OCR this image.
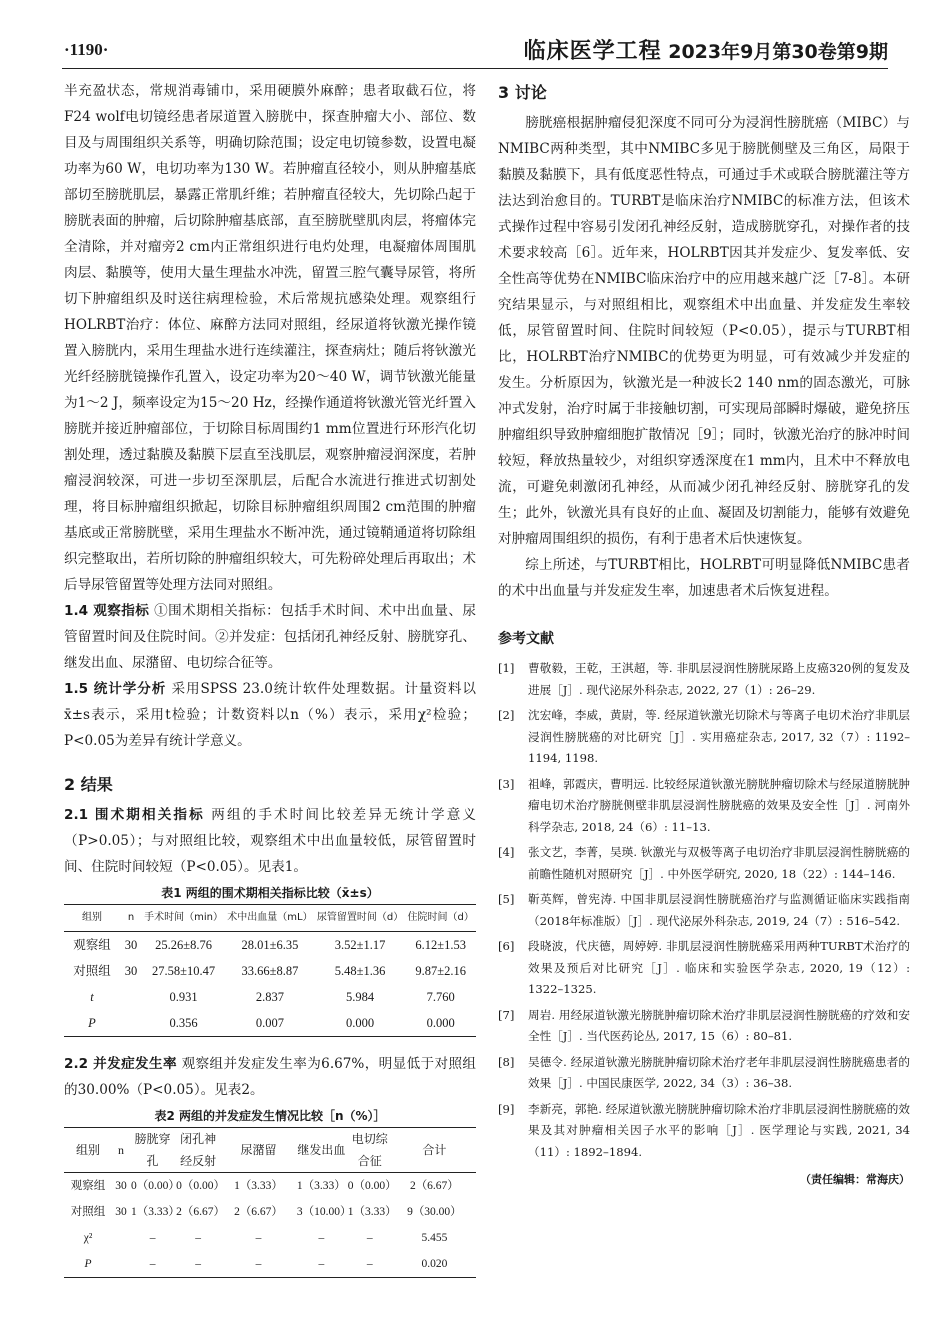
·1190·	临床医学工程 2023年9月第30卷第9期

半充盈状态，常规消毒铺巾，采用硬膜外麻醉；患者取截石位，将F24 wolf电切镜经患者尿道置入膀胱中，探查肿瘤大小、部位、数目及与周围组织关系等，明确切除范围；设定电切镜参数，设置电凝功率为60 W，电切功率为130 W。若肿瘤直径较小，则从肿瘤基底部切至膀胱肌层，暴露正常肌纤维；若肿瘤直径较大，先切除凸起于膀胱表面的肿瘤，后切除肿瘤基底部，直至膀胱壁肌肉层，将瘤体完全清除，并对瘤旁2 cm内正常组织进行电灼处理，电凝瘤体周围肌肉层、黏膜等，使用大量生理盐水冲洗，留置三腔气囊导尿管，将所切下肿瘤组织及时送往病理检验，术后常规抗感染处理。观察组行HOLRBT治疗：体位、麻醉方法同对照组，经尿道将钬激光操作镜置入膀胱内，采用生理盐水进行连续灌注，探查病灶；随后将钬激光光纤经膀胱镜操作孔置入，设定功率为20～40 W，调节钬激光能量为1～2 J，频率设定为15～20 Hz，经操作通道将钬激光管光纤置入膀胱并接近肿瘤部位，于切除目标周围约1 mm位置进行环形汽化切割处理，透过黏膜及黏膜下层直至浅肌层，观察肿瘤浸润深度，若肿瘤浸润较深，可进一步切至深肌层，后配合水流进行推进式切割处理，将目标肿瘤组织掀起，切除目标肿瘤组织周围2 cm范围的肿瘤基底或正常膀胱壁，采用生理盐水不断冲洗，通过镜鞘通道将切除组织完整取出，若所切除的肿瘤组织较大，可先粉碎处理后再取出；术后导尿管留置等处理方法同对照组。

1.4 观察指标 ①围术期相关指标：包括手术时间、术中出血量、尿管留置时间及住院时间。②并发症：包括闭孔神经反射、膀胱穿孔、继发出血、尿潴留、电切综合征等。

1.5 统计学分析 采用SPSS 23.0统计软件处理数据。计量资料以x̄±s表示，采用t检验；计数资料以n（%）表示，采用χ²检验；P<0.05为差异有统计学意义。

2 结果

2.1 围术期相关指标 两组的手术时间比较差异无统计学意义（P>0.05）；与对照组比较，观察组术中出血量较低，尿管留置时间、住院时间较短（P<0.05）。见表1。

表1 两组的围术期相关指标比较（x̄±s）
组别	n	手术时间（min）	术中出血量（mL）	尿管留置时间（d）	住院时间（d）
观察组	30	25.26±8.76	28.01±6.35	3.52±1.17	6.12±1.53
对照组	30	27.58±10.47	33.66±8.87	5.48±1.36	9.87±2.16
t		0.931	2.837	5.984	7.760
P		0.356	0.007	0.000	0.000

2.2 并发症发生率 观察组并发症发生率为6.67%，明显低于对照组的30.00%（P<0.05）。见表2。

表2 两组的并发症发生情况比较［n（%）］
组别	n	膀胱穿孔	闭孔神经反射	尿潴留	继发出血	电切综合征	合计
观察组	30	0（0.00）	0（0.00）	1（3.33）	1（3.33）	0（0.00）	2（6.67）
对照组	30	1（3.33）	2（6.67）	2（6.67）	3（10.00）	1（3.33）	9（30.00）
χ²		–	–	–	–	–	5.455
P		–	–	–	–	–	0.020
3 讨论

膀胱癌根据肿瘤侵犯深度不同可分为浸润性膀胱癌（MIBC）与NMIBC两种类型，其中NMIBC多见于膀胱侧壁及三角区，局限于黏膜及黏膜下，具有低度恶性特点，可通过手术或联合膀胱灌注等方法达到治愈目的。TURBT是临床治疗NMIBC的标准方法，但该术式操作过程中容易引发闭孔神经反射，造成膀胱穿孔，对操作者的技术要求较高［6］。近年来，HOLRBT因其并发症少、复发率低、安全性高等优势在NMIBC临床治疗中的应用越来越广泛［7-8］。本研究结果显示，与对照组相比，观察组术中出血量、并发症发生率较低，尿管留置时间、住院时间较短（P<0.05），提示与TURBT相比，HOLRBT治疗NMIBC的优势更为明显，可有效减少并发症的发生。分析原因为，钬激光是一种波长2 140 nm的固态激光，可脉冲式发射，治疗时属于非接触切割，可实现局部瞬时爆破，避免挤压肿瘤组织导致肿瘤细胞扩散情况［9］；同时，钬激光治疗的脉冲时间较短，释放热量较少，对组织穿透深度在1 mm内，且术中不释放电流，可避免刺激闭孔神经，从而减少闭孔神经反射、膀胱穿孔的发生；此外，钬激光具有良好的止血、凝固及切割能力，能够有效避免对肿瘤周围组织的损伤，有利于患者术后快速恢复。

综上所述，与TURBT相比，HOLRBT可明显降低NMIBC患者的术中出血量与并发症发生率，加速患者术后恢复进程。

参考文献
[1]	曹敬毅，王乾，王淇超，等. 非肌层浸润性膀胱尿路上皮癌320例的复发及进展［J］. 现代泌尿外科杂志, 2022, 27（1）: 26–29.
[2]	沈宏峰，李威，黄尉，等. 经尿道钬激光切除术与等离子电切术治疗非肌层浸润性膀胱癌的对比研究［J］. 实用癌症杂志, 2017, 32（7）: 1192–1194, 1198.
[3]	祖峰，郭霞庆，曹明远. 比较经尿道钬激光膀胱肿瘤切除术与经尿道膀胱肿瘤电切术治疗膀胱侧壁非肌层浸润性膀胱癌的效果及安全性［J］. 河南外科学杂志, 2018, 24（6）: 11–13.
[4]	张文艺，李菁，吴瑛. 钬激光与双极等离子电切治疗非肌层浸润性膀胱癌的前瞻性随机对照研究［J］. 中外医学研究, 2020, 18（22）: 144–146.
[5]	靳英辉，曾宪涛. 中国非肌层浸润性膀胱癌治疗与监测循证临床实践指南（2018年标准版）［J］. 现代泌尿外科杂志, 2019, 24（7）: 516–542.
[6]	段晓波，代庆德，周婷婷. 非肌层浸润性膀胱癌采用两种TURBT术治疗的效果及预后对比研究［J］. 临床和实验医学杂志, 2020, 19（12）: 1322–1325.
[7]	周岩. 用经尿道钬激光膀胱肿瘤切除术治疗非肌层浸润性膀胱癌的疗效和安全性［J］. 当代医药论丛, 2017, 15（6）: 80–81.
[8]	吴德令. 经尿道钬激光膀胱肿瘤切除术治疗老年非肌层浸润性膀胱癌患者的效果［J］. 中国民康医学, 2022, 34（3）: 36–38.
[9]	李新亮，郭艳. 经尿道钬激光膀胱肿瘤切除术治疗非肌层浸润性膀胱癌的效果及其对肿瘤相关因子水平的影响［J］. 医学理论与实践, 2021, 34（11）: 1892–1894.
（责任编辑：常海庆）
